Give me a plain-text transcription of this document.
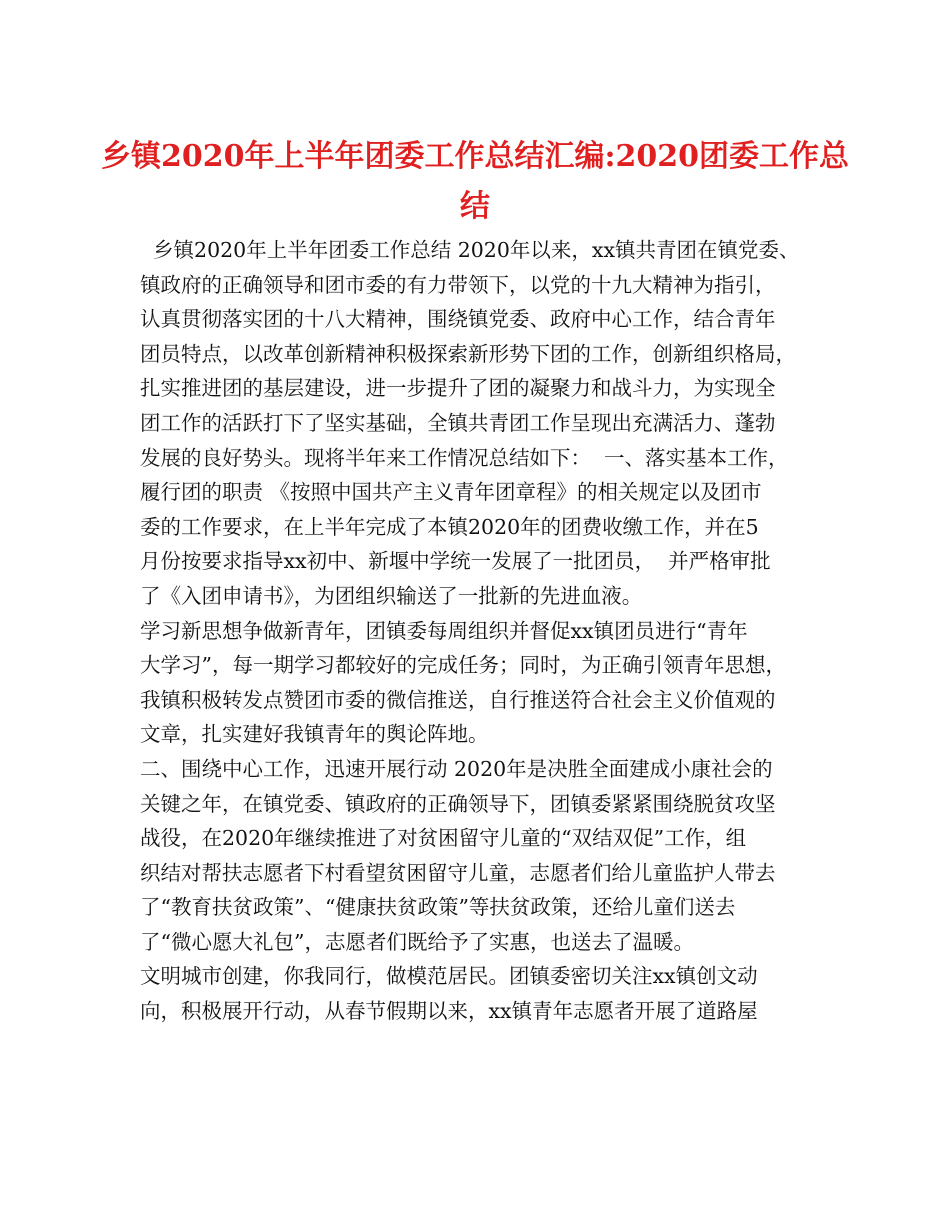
乡镇2020年上半年团委工作总结汇编:2020团委工作总
结
乡镇2020年上半年团委工作总结 2020年以来，xx镇共青团在镇党委、
镇政府的正确领导和团市委的有力带领下，以党的十九大精神为指引，
认真贯彻落实团的十八大精神，围绕镇党委、政府中心工作，结合青年
团员特点，以改革创新精神积极探索新形势下团的工作，创新组织格局，
扎实推进团的基层建设，进一步提升了团的凝聚力和战斗力，为实现全
团工作的活跃打下了坚实基础，全镇共青团工作呈现出充满活力、蓬勃
发展的良好势头。现将半年来工作情况总结如下：  一、落实基本工作，
履行团的职责 《按照中国共产主义青年团章程》的相关规定以及团市
委的工作要求，在上半年完成了本镇2020年的团费收缴工作，并在5
月份按要求指导xx初中、新堰中学统一发展了一批团员，  并严格审批
了《入团申请书》，为团组织输送了一批新的先进血液。
学习新思想争做新青年，团镇委每周组织并督促xx镇团员进行“青年
大学习”，每一期学习都较好的完成任务；同时，为正确引领青年思想，
我镇积极转发点赞团市委的微信推送，自行推送符合社会主义价值观的
文章，扎实建好我镇青年的舆论阵地。
二、围绕中心工作，迅速开展行动 2020年是决胜全面建成小康社会的
关键之年，在镇党委、镇政府的正确领导下，团镇委紧紧围绕脱贫攻坚
战役，在2020年继续推进了对贫困留守儿童的“双结双促”工作，组
织结对帮扶志愿者下村看望贫困留守儿童，志愿者们给儿童监护人带去
了“教育扶贫政策”、“健康扶贫政策”等扶贫政策，还给儿童们送去
了“微心愿大礼包”，志愿者们既给予了实惠，也送去了温暖。
文明城市创建，你我同行，做模范居民。团镇委密切关注xx镇创文动
向，积极展开行动，从春节假期以来，xx镇青年志愿者开展了道路屋
